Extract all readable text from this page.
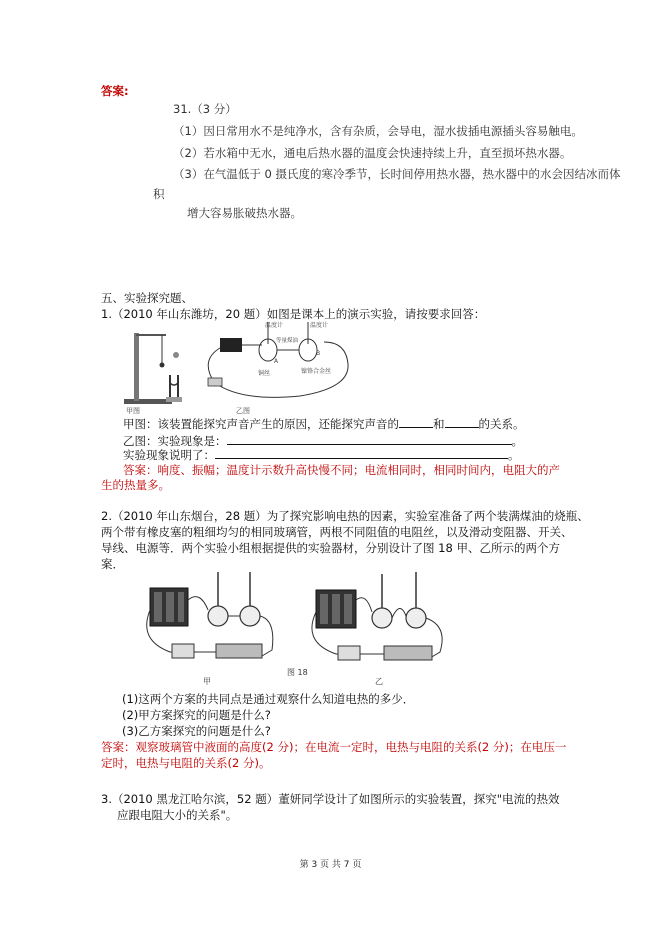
答案:
31.（3 分）
（1）因日常用水不是纯净水，含有杂质，会导电，湿水拔插电源插头容易触电。
（2）若水箱中无水，通电后热水器的温度会快速持续上升，直至损坏热水器。
（3）在气温低于 0 摄氏度的寒冷季节，长时间停用热水器，热水器中的水会因结冰而体
积
增大容易胀破热水器。
五、实验探究题、
1.（2010 年山东潍坊，20 题）如图是课本上的演示实验，请按要求回答：
甲图
温度计	温度计
等量煤油
A
B
铜丝	镍铬合金丝
乙图
甲图：该装置能探究声音产生的原因，还能探究声音的	和	的关系。
乙图：实验现象是：	。
实验现象说明了：	。
答案：响度、振幅；温度计示数升高快慢不同；电流相同时，相同时间内，电阻大的产
生的热量多。
2.（2010 年山东烟台，28 题）为了探究影响电热的因素，实验室准备了两个装满煤油的烧瓶、
两个带有橡皮塞的粗细均匀的相同玻璃管，两根不同阻值的电阻丝，以及滑动变阻器、开关、
导线、电源等．两个实验小组根据提供的实验器材，分别设计了图 18 甲、乙所示的两个方
案．
甲
图 18
乙
(1)这两个方案的共同点是通过观察什么知道电热的多少．
(2)甲方案探究的问题是什么?
(3)乙方案探究的问题是什么?
答案：观察玻璃管中液面的高度(2 分)；在电流一定时，电热与电阻的关系(2 分)；在电压一
定时，电热与电阻的关系(2 分)。
3.（2010 黑龙江哈尔滨，52 题）董妍同学设计了如图所示的实验装置，探究"电流的热效
应跟电阻大小的关系"。
第 3 页 共 7 页
